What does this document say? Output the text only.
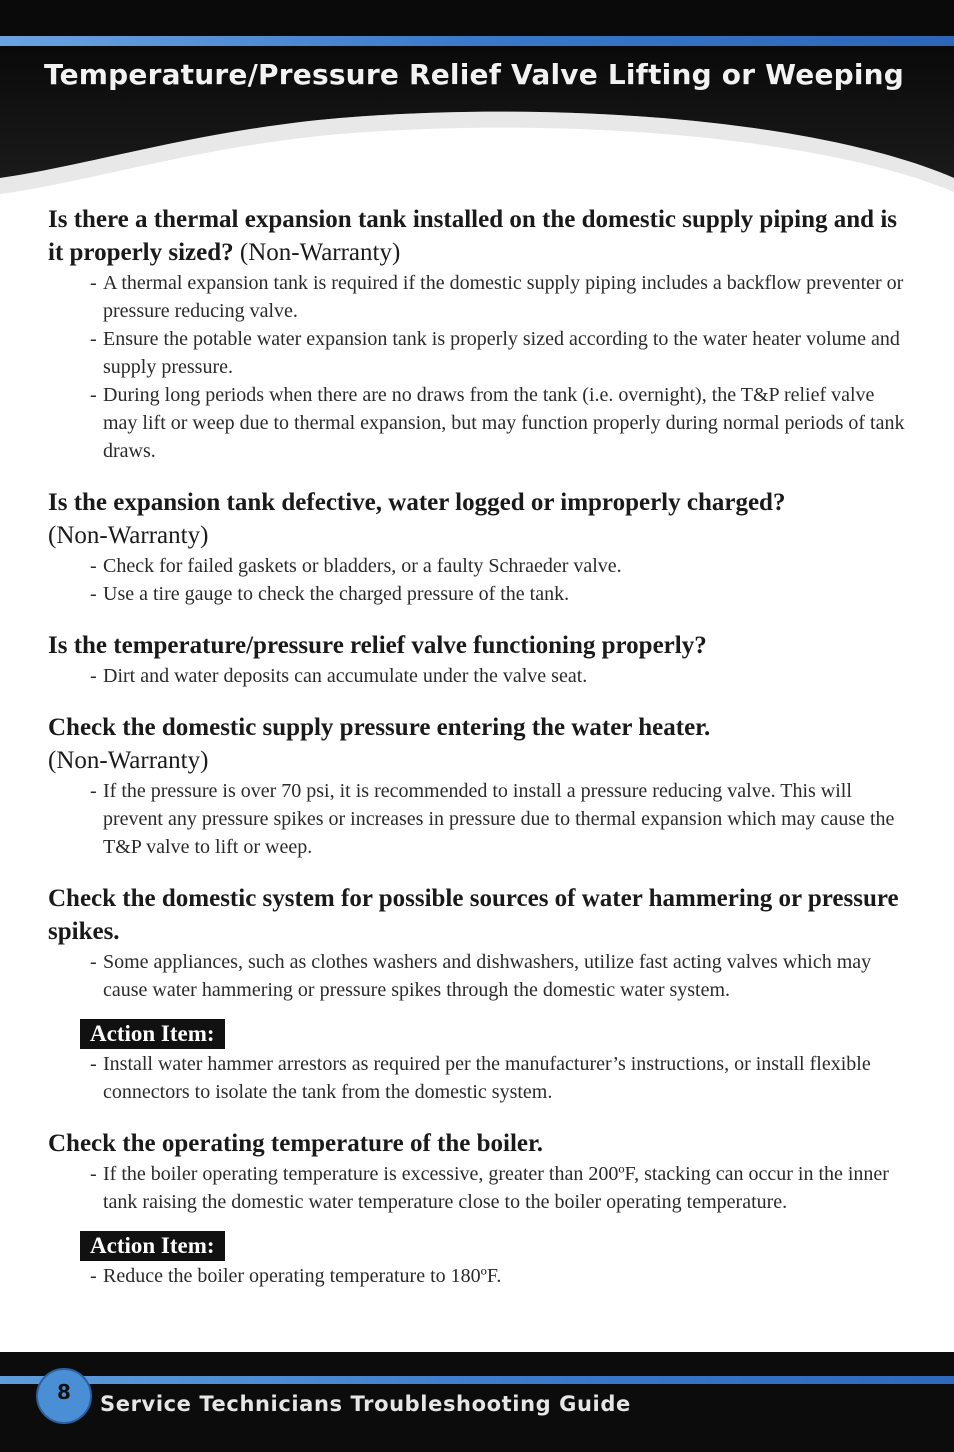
Temperature/Pressure Relief Valve Lifting or Weeping

Is there a thermal expansion tank installed on the domestic supply piping and is it properly sized? (Non-Warranty)

- A thermal expansion tank is required if the domestic supply piping includes a backflow preventer or pressure reducing valve.
- Ensure the potable water expansion tank is properly sized according to the water heater volume and supply pressure.
- During long periods when there are no draws from the tank (i.e. overnight), the T&P relief valve may lift or weep due to thermal expansion, but may function properly during normal periods of tank draws.

Is the expansion tank defective, water logged or improperly charged?
(Non-Warranty)

- Check for failed gaskets or bladders, or a faulty Schraeder valve.
- Use a tire gauge to check the charged pressure of the tank.

Is the temperature/pressure relief valve functioning properly?

- Dirt and water deposits can accumulate under the valve seat.

Check the domestic supply pressure entering the water heater.
(Non-Warranty)

- If the pressure is over 70 psi, it is recommended to install a pressure reducing valve. This will prevent any pressure spikes or increases in pressure due to thermal expansion which may cause the T&P valve to lift or weep.

Check the domestic system for possible sources of water hammering or pressure spikes.

- Some appliances, such as clothes washers and dishwashers, utilize fast acting valves which may cause water hammering or pressure spikes through the domestic water system.
Action Item:
- Install water hammer arrestors as required per the manufacturer’s instructions, or install flexible connectors to isolate the tank from the domestic system.

Check the operating temperature of the boiler.

- If the boiler operating temperature is excessive, greater than 200ºF, stacking can occur in the inner tank raising the domestic water temperature close to the boiler operating temperature.
Action Item:
- Reduce the boiler operating temperature to 180ºF.
8 Service Technicians Troubleshooting Guide
